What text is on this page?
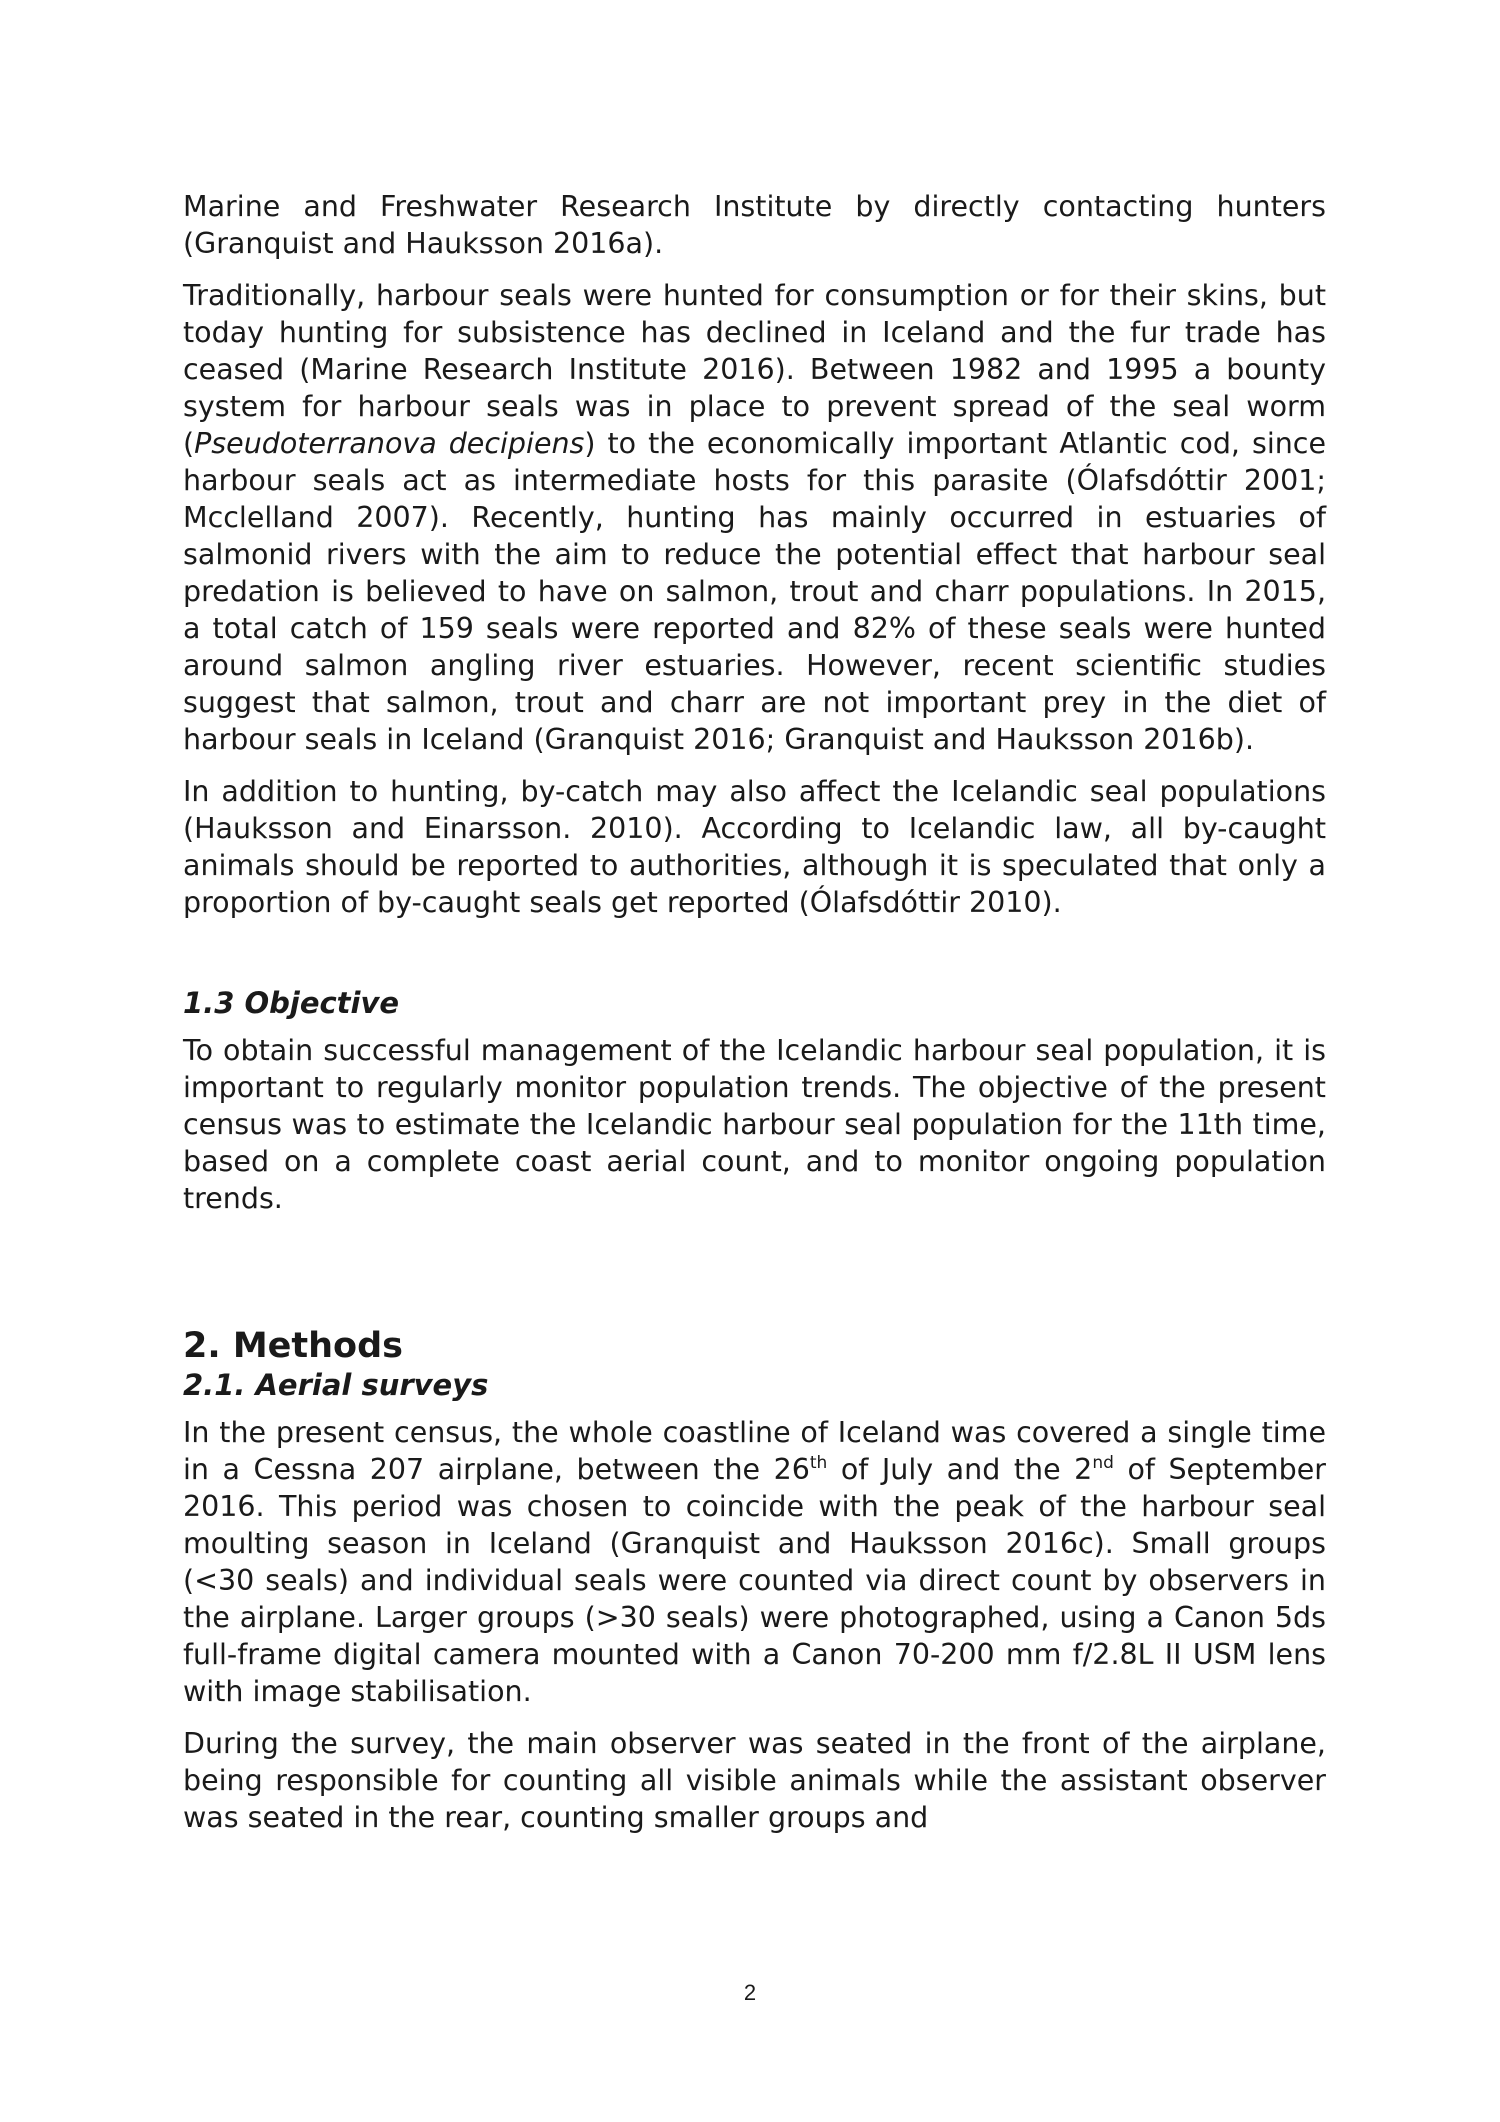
Marine and Freshwater Research Institute by directly contacting hunters (Granquist and Hauksson 2016a).

Traditionally, harbour seals were hunted for consumption or for their skins, but today hunting for subsistence has declined in Iceland and the fur trade has ceased (Marine Research Institute 2016). Between 1982 and 1995 a bounty system for harbour seals was in place to prevent spread of the seal worm (Pseudoterranova decipiens) to the economically important Atlantic cod, since harbour seals act as intermediate hosts for this parasite (Ólafsdóttir 2001; Mcclelland 2007). Recently, hunting has mainly occurred in estuaries of salmonid rivers with the aim to reduce the potential effect that harbour seal predation is believed to have on salmon, trout and charr populations. In 2015, a total catch of 159 seals were reported and 82% of these seals were hunted around salmon angling river estuaries. However, recent scientific studies suggest that salmon, trout and charr are not important prey in the diet of harbour seals in Iceland (Granquist 2016; Granquist and Hauksson 2016b).

In addition to hunting, by-catch may also affect the Icelandic seal populations (Hauksson and Einarsson. 2010). According to Icelandic law, all by-caught animals should be reported to authorities, although it is speculated that only a proportion of by-caught seals get reported (Ólafsdóttir 2010).

1.3 Objective

To obtain successful management of the Icelandic harbour seal population, it is important to regularly monitor population trends. The objective of the present census was to estimate the Icelandic harbour seal population for the 11th time, based on a complete coast aerial count, and to monitor ongoing population trends.

2. Methods
2.1. Aerial surveys

In the present census, the whole coastline of Iceland was covered a single time in a Cessna 207 airplane, between the 26th of July and the 2nd of September 2016. This period was chosen to coincide with the peak of the harbour seal moulting season in Iceland (Granquist and Hauksson 2016c). Small groups (<30 seals) and individual seals were counted via direct count by observers in the airplane. Larger groups (>30 seals) were photographed, using a Canon 5ds full-frame digital camera mounted with a Canon 70-200 mm f/2.8L II USM lens with image stabilisation.

During the survey, the main observer was seated in the front of the airplane, being responsible for counting all visible animals while the assistant observer was seated in the rear, counting smaller groups and

2
